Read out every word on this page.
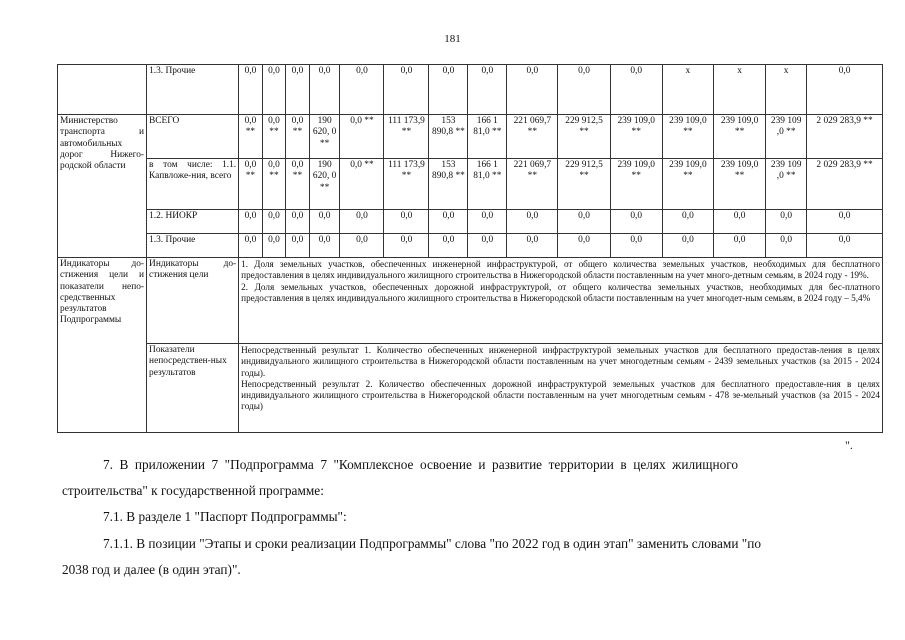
181
	1.3. Прочие	0,0	0,0	0,0	0,0	0,0	0,0	0,0	0,0	0,0	0,0	0,0	x	x	x	0,0
Министерство транспорта и автомобильных дорог Нижего-родской области	ВСЕГО	0,0 **	0,0 **	0,0 **	190 620, 0 **	0,0 **	111 173,9 **	153 890,8 **	166 1 81,0 **	221 069,7 **	229 912,5 **	239 109,0 **	239 109,0 **	239 109,0 **	239 109 ,0 **	2 029 283,9 **
	в том числе: 1.1. Капвложе-ния, всего	0,0 **	0,0 **	0,0 **	190 620, 0 **	0,0 **	111 173,9 **	153 890,8 **	166 1 81,0 **	221 069,7 **	229 912,5 **	239 109,0 **	239 109,0 **	239 109,0 **	239 109 ,0 **	2 029 283,9 **
	1.2. НИОКР	0,0	0,0	0,0	0,0	0,0	0,0	0,0	0,0	0,0	0,0	0,0	0,0	0,0	0,0	0,0
	1.3. Прочие	0,0	0,0	0,0	0,0	0,0	0,0	0,0	0,0	0,0	0,0	0,0	0,0	0,0	0,0	0,0
Индикаторы до-стижения цели и показатели непо-средственных результатов Подпрограммы	Индикаторы до-стижения цели	1. Доля земельных участков, обеспеченных инженерной инфраструктурой, от общего количества земельных участков, необходимых для бесплатного предоставления в целях индивидуального жилищного строительства в Нижегородской области поставленным на учет много-детным семьям, в 2024 году - 19%.
2. Доля земельных участков, обеспеченных дорожной инфраструктурой, от общего количества земельных участков, необходимых для бес-платного предоставления в целях индивидуального жилищного строительства в Нижегородской области поставленным на учет многодет-ным семьям, в 2024 году – 5,4%														

	Показатели непосредствен-ных результатов	Непосредственный результат 1. Количество обеспеченных инженерной инфраструктурой земельных участков для бесплатного предостав-ления в целях индивидуального жилищного строительства в Нижегородской области поставленным на учет многодетным семьям - 2439 земельных участков (за 2015 - 2024 годы).
Непосредственный результат 2. Количество обеспеченных дорожной инфраструктурой земельных участков для бесплатного предоставле-ния в целях индивидуального жилищного строительства в Нижегородской области поставленным на учет многодетным семьям - 478 зе-мельный участков (за 2015 - 2024 годы)														
".
7. В приложении 7 "Подпрограмма 7 "Комплексное освоение и развитие территории в целях жилищного
строительства" к государственной программе:
7.1. В разделе 1 "Паспорт Подпрограммы":
7.1.1. В позиции "Этапы и сроки реализации Подпрограммы" слова "по 2022 год в один этап" заменить словами "по
2038 год и далее (в один этап)".
